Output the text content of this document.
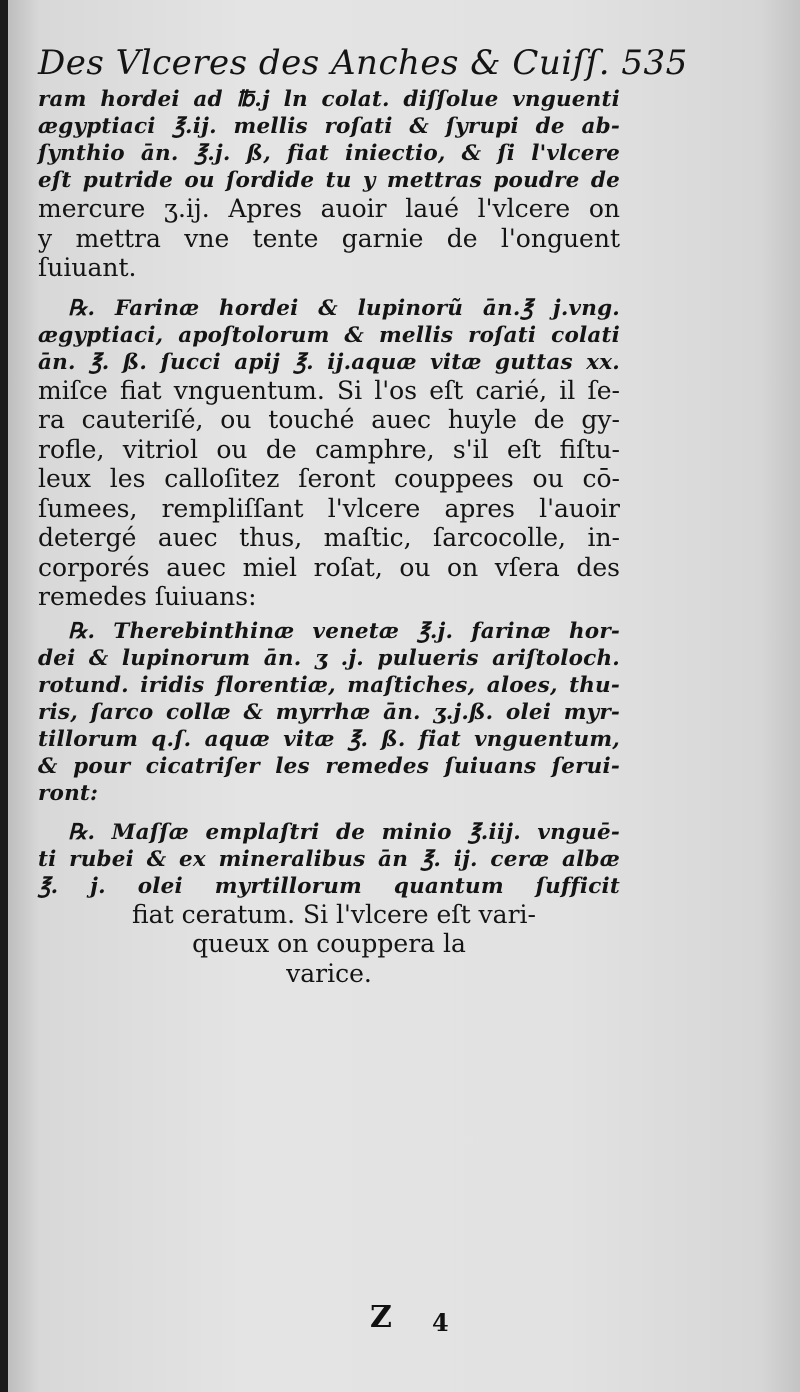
Des Vlceres des Anches & Cuiſſ. 535
ram hordei ad ℔.j ln colat. diſſolue vnguenti
ægyptiaci ℥.ij. mellis roſati & ſyrupi de ab-
ſynthio ān. ℥.j. ß, fiat iniectio, & ſi l'vlcere
eſt putride ou ſordide tu y mettras poudre de
mercure ʒ.ij. Apres auoir laué l'vlcere on
y mettra vne tente garnie de l'onguent
ſuiuant.
℞. Farinæ hordei & lupinorũ ān.℥ j.vng.
ægyptiaci, apoſtolorum & mellis roſati colati
ān. ℥. ß. ſucci apij ℥. ij.aquæ vitæ guttas xx.
miſce fiat vnguentum. Si l'os eſt carié, il ſe-
ra cauteriſé, ou touché auec huyle de gy-
rofle, vitriol ou de camphre, s'il eſt fiſtu-
leux les calloſitez ſeront couppees ou cō-
ſumees, rempliſſant l'vlcere apres l'auoir
detergé auec thus, maſtic, ſarcocolle, in-
corporés auec miel roſat, ou on vſera des
remedes ſuiuans:
℞. Therebinthinæ venetæ ℥.j. farinæ hor-
dei & lupinorum ān. ʒ .j. pulueris ariſtoloch.
rotund. iridis florentiæ, maſtiches, aloes, thu-
ris, ſarco collæ & myrrhæ ān. ʒ.j.ß. olei myr-
tillorum q.ſ. aquæ vitæ ℥. ß. fiat vnguentum,
& pour cicatriſer les remedes ſuiuans ſerui-
ront:
℞. Maſſæ emplaſtri de minio ℥.iij. vnguē-
ti rubei & ex mineralibus ān ℥. ij. ceræ albæ
℥. j. olei myrtillorum quantum ſufficit
fiat ceratum. Si l'vlcere eſt vari-
queux on couppera la
varice.
Z 4
